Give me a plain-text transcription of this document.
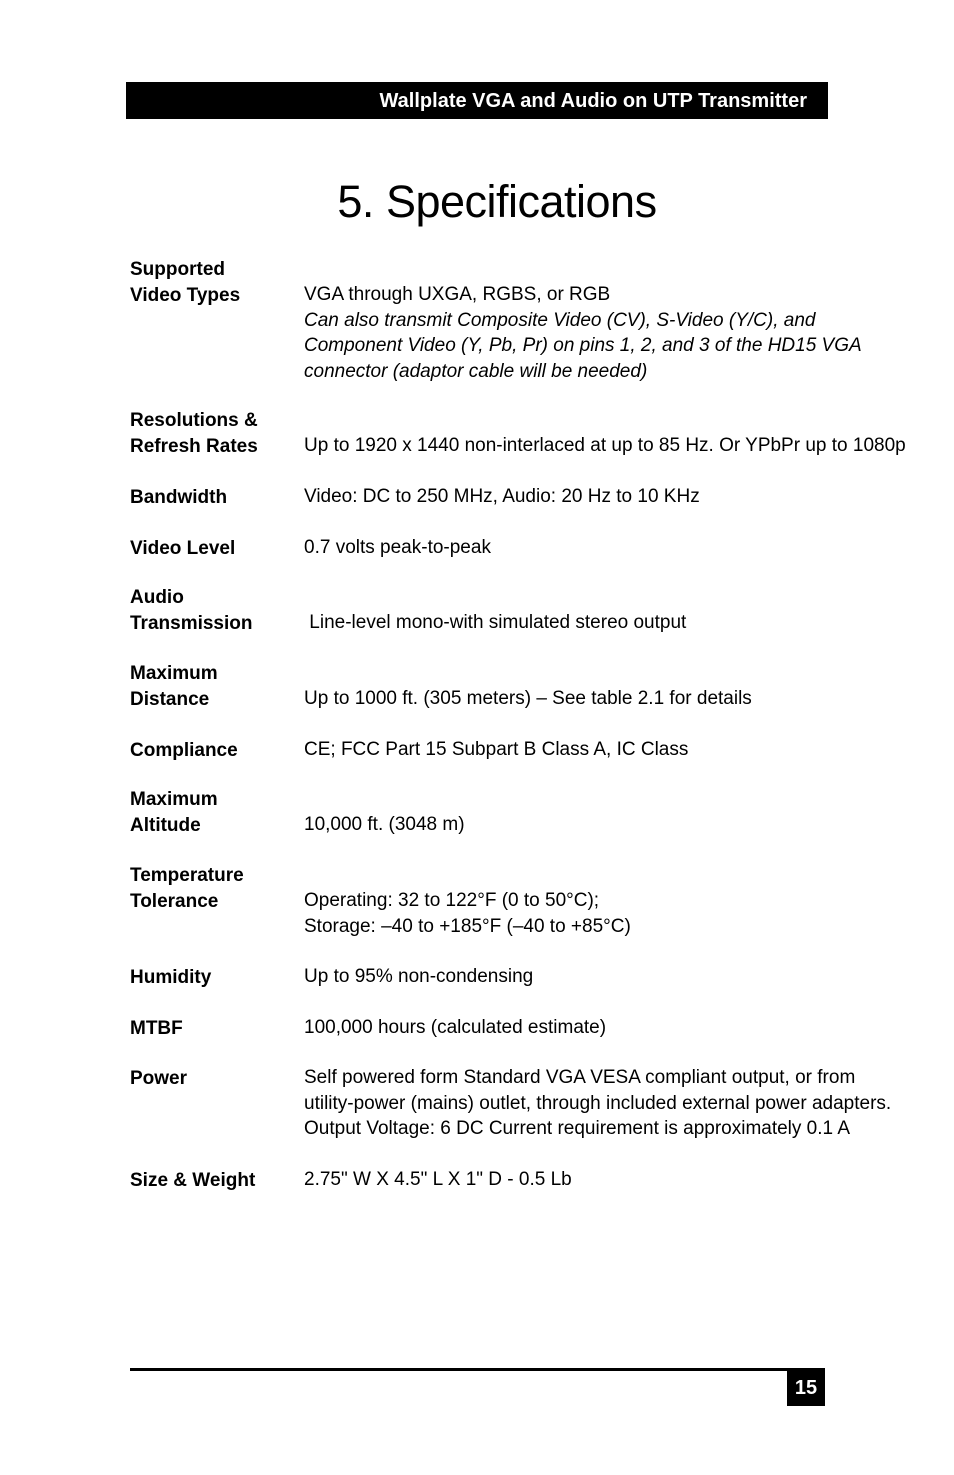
Wallplate VGA and Audio on UTP Transmitter
5. Specifications
Supported
Video Types	VGA through UXGA, RGBS, or RGB
Can also transmit Composite Video (CV), S-Video (Y/C), and
Component Video (Y, Pb, Pr) on pins 1, 2, and 3 of the HD15 VGA
connector (adaptor cable will be needed)
Resolutions &
Refresh Rates	Up to 1920 x 1440 non-interlaced at up to 85 Hz. Or YPbPr up to 1080p
Bandwidth	Video: DC to 250 MHz, Audio: 20 Hz to 10 KHz
Video Level	0.7 volts peak-to-peak
Audio
Transmission	Line-level mono-with simulated stereo output
Maximum
Distance	Up to 1000 ft. (305 meters) – See table 2.1 for details
Compliance	CE; FCC Part 15 Subpart B Class A, IC Class
Maximum
Altitude	10,000 ft. (3048 m)
Temperature
Tolerance	Operating: 32 to 122°F (0 to 50°C);
Storage: –40 to +185°F (–40 to +85°C)
Humidity	Up to 95% non-condensing
MTBF	100,000 hours (calculated estimate)
Power	Self powered form Standard VGA VESA compliant output, or from
utility-power (mains) outlet, through included external power adapters.
Output Voltage: 6 DC Current requirement is approximately 0.1 A
Size & Weight	2.75" W X 4.5" L X 1" D - 0.5 Lb
15
